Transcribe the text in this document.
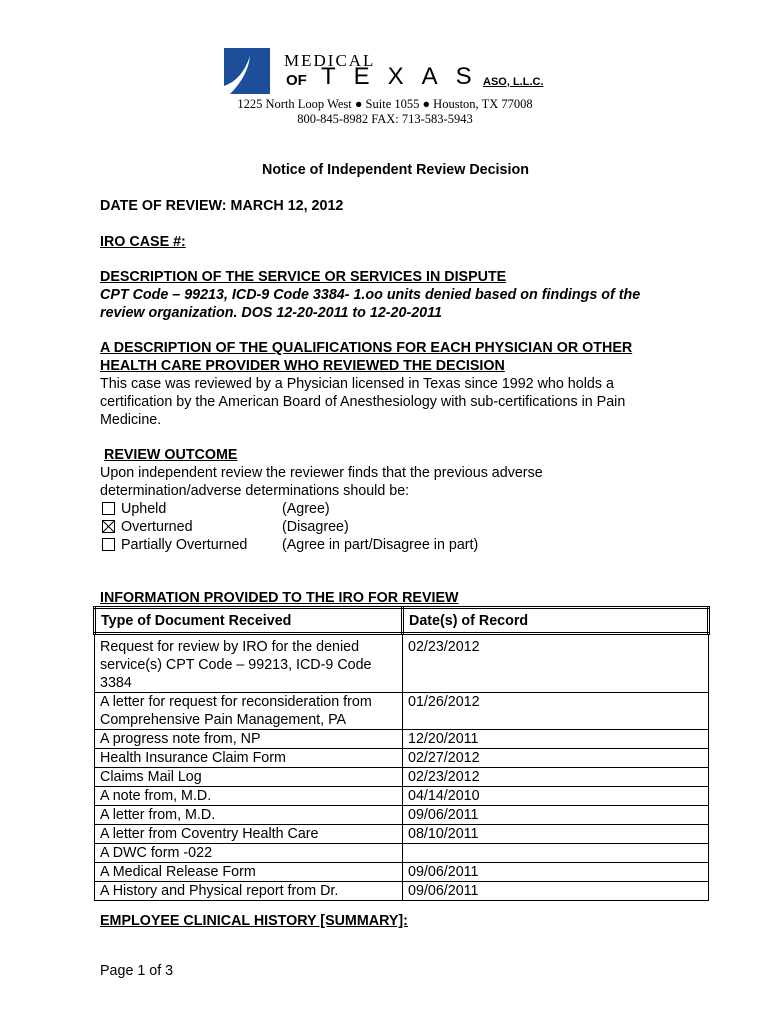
MEDICAL
OF TEXAS
ASO, L.L.C.
1225 North Loop West ● Suite 1055 ● Houston, TX 77008
800-845-8982 FAX: 713-583-5943
Notice of Independent Review Decision
DATE OF REVIEW: MARCH 12, 2012
IRO CASE #:
DESCRIPTION OF THE SERVICE OR SERVICES IN DISPUTE
CPT Code – 99213, ICD-9 Code 3384- 1.oo units denied based on findings of the
review organization. DOS 12-20-2011 to 12-20-2011
A DESCRIPTION OF THE QUALIFICATIONS FOR EACH PHYSICIAN OR OTHER
HEALTH CARE PROVIDER WHO REVIEWED THE DECISION
This case was reviewed by a Physician licensed in Texas since 1992 who holds a
certification by the American Board of Anesthesiology with sub-certifications in Pain
Medicine.
REVIEW OUTCOME
Upon independent review the reviewer finds that the previous adverse
determination/adverse determinations should be:
Upheld	(Agree)
Overturned	(Disagree)
Partially Overturned (Agree in part/Disagree in part)
INFORMATION PROVIDED TO THE IRO FOR REVIEW
Type of Document Received	Date(s) of Record
Request for review by IRO for the denied service(s) CPT Code – 99213, ICD-9 Code 3384	02/23/2012
A letter for request for reconsideration from Comprehensive Pain Management, PA	01/26/2012
A progress note from, NP	12/20/2011
Health Insurance Claim Form	02/27/2012
Claims Mail Log	02/23/2012
A note from, M.D.	04/14/2010
A letter from, M.D.	09/06/2011
A letter from Coventry Health Care	08/10/2011
A DWC form -022	
A Medical Release Form	09/06/2011
A History and Physical report from Dr.	09/06/2011
EMPLOYEE CLINICAL HISTORY [SUMMARY]:
Page 1 of 3
